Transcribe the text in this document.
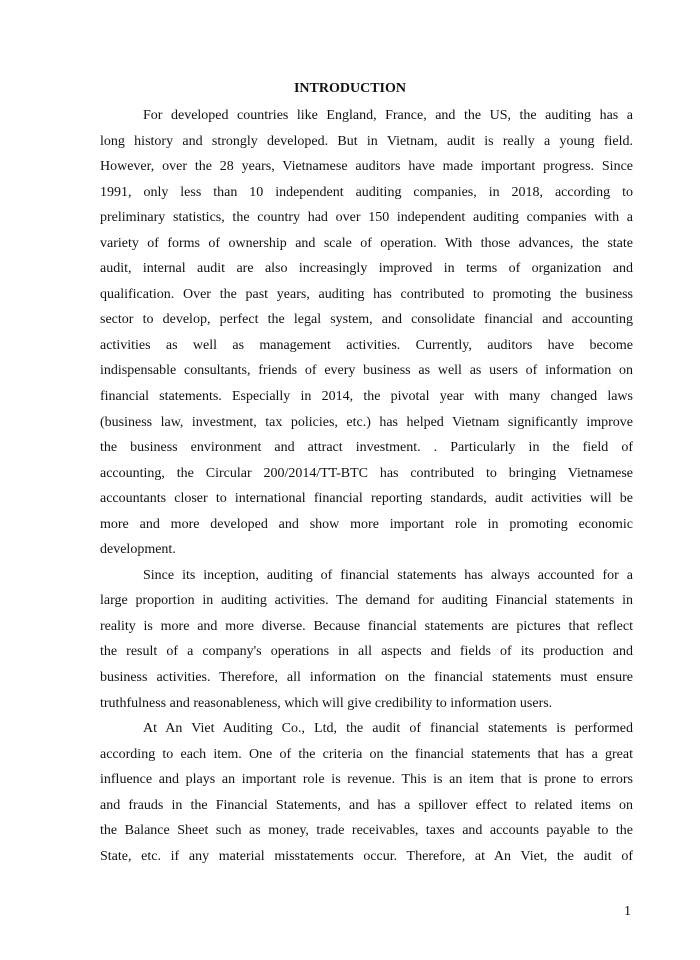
INTRODUCTION
For developed countries like England, France, and the US, the auditing has a
long history and strongly developed. But in Vietnam, audit is really a young field.
However, over the 28 years, Vietnamese auditors have made important progress. Since
1991, only less than 10 independent auditing companies, in 2018, according to
preliminary statistics, the country had over 150 independent auditing companies with a
variety of forms of ownership and scale of operation. With those advances, the state
audit, internal audit are also increasingly improved in terms of organization and
qualification. Over the past years, auditing has contributed to promoting the business
sector to develop, perfect the legal system, and consolidate financial and accounting
activities as well as management activities. Currently, auditors have become
indispensable consultants, friends of every business as well as users of information on
financial statements. Especially in 2014, the pivotal year with many changed laws
(business law, investment, tax policies, etc.) has helped Vietnam significantly improve
the business environment and attract investment. . Particularly in the field of
accounting, the Circular 200/2014/TT-BTC has contributed to bringing Vietnamese
accountants closer to international financial reporting standards, audit activities will be
more and more developed and show more important role in promoting economic
development.
Since its inception, auditing of financial statements has always accounted for a
large proportion in auditing activities. The demand for auditing Financial statements in
reality is more and more diverse. Because financial statements are pictures that reflect
the result of a company's operations in all aspects and fields of its production and
business activities. Therefore, all information on the financial statements must ensure
truthfulness and reasonableness, which will give credibility to information users.
At An Viet Auditing Co., Ltd, the audit of financial statements is performed
according to each item. One of the criteria on the financial statements that has a great
influence and plays an important role is revenue. This is an item that is prone to errors
and frauds in the Financial Statements, and has a spillover effect to related items on
the Balance Sheet such as money, trade receivables, taxes and accounts payable to the
State, etc. if any material misstatements occur. Therefore, at An Viet, the audit of
1
